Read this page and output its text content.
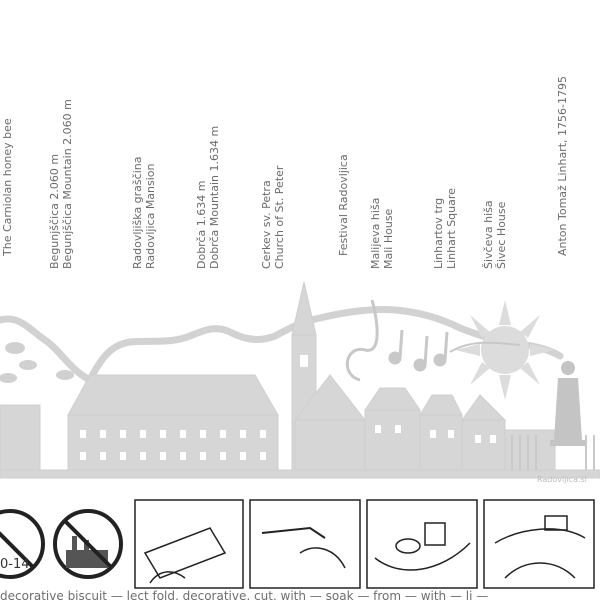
The Carniolan honey bee	Begunjščica 2.060 m Begunjščica Mountain 2.060 m	Radovljiška graščina Radovljica Mansion	Dobrča 1.634 m Dobrča Mountain 1.634 m	Cerkev sv. Petra Church of St. Peter	Festival Radovljica Malijeva hiša Mali House	Linhartov trg Linhart Square Šivčeva hiša Šivec House	Anton Tomaž Linhart, 1756-1795
Radovljica.si
0-14
decorative biscuit — lect fold, decorative, cut, with — soak — from — with — li —
